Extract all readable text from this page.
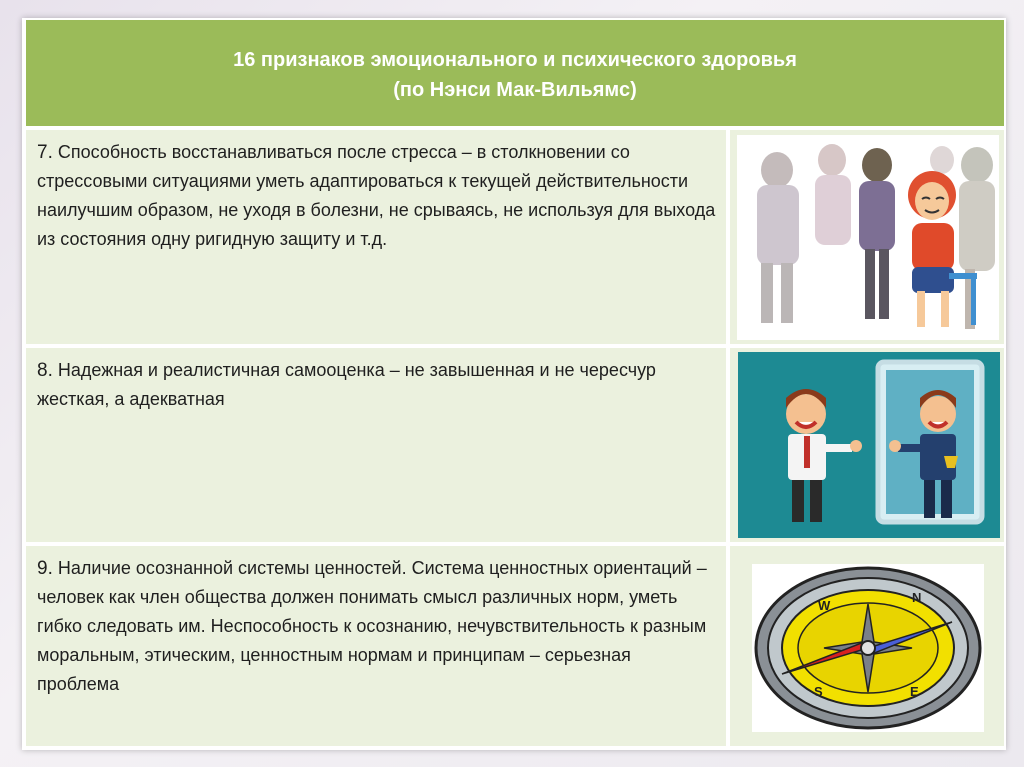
16 признаков эмоционального и психического здоровья
(по Нэнси Мак-Вильямс)
7. Способность восстанавливаться после стресса – в столкновении со стрессовыми ситуациями уметь адаптироваться к текущей действительности наилучшим образом, не уходя в болезни, не срываясь, не используя для выхода из состояния одну ригидную защиту и т.д.
8. Надежная и реалистичная самооценка – не завышенная и не чересчур жесткая, а адекватная
9. Наличие осознанной системы ценностей. Система ценностных ориентаций – человек как член общества должен понимать смысл различных норм, уметь гибко следовать им. Неспособность к осознанию, нечувствительность к разным моральным, этическим, ценностным нормам и принципам – серьезная проблема
W
N
S	E
